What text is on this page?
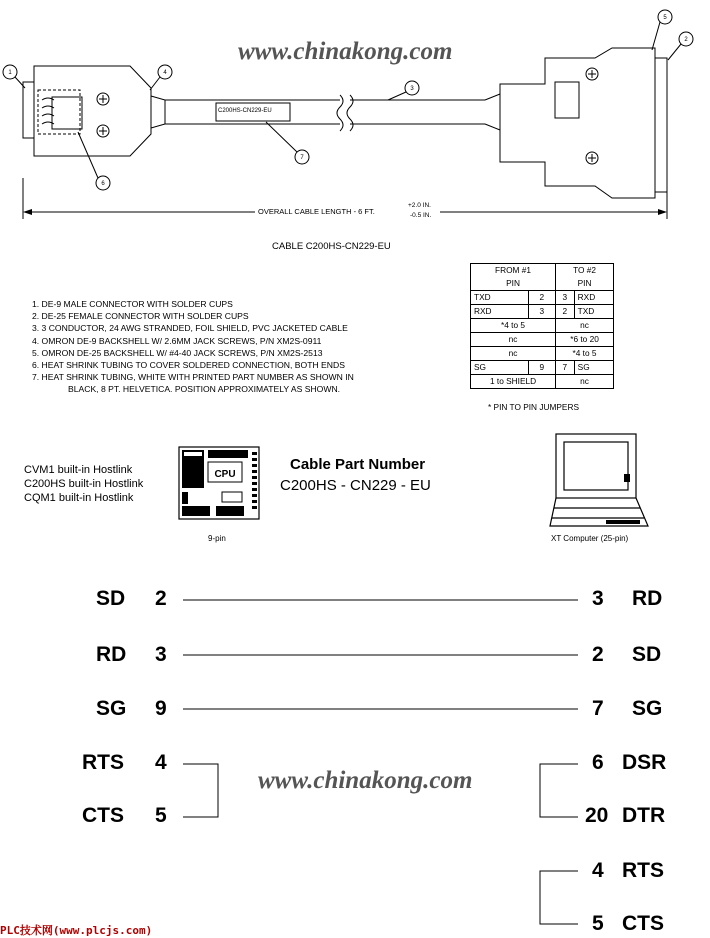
www.chinakong.com
1
2
3
4
5
6
7
C200HS-CN229-EU
OVERALL CABLE LENGTH - 6 FT.
+2.0 IN.
-0.5 IN.
CABLE C200HS-CN229-EU
1. DE-9 MALE CONNECTOR WITH SOLDER CUPS
2. DE-25 FEMALE CONNECTOR WITH SOLDER CUPS
3. 3 CONDUCTOR, 24 AWG STRANDED, FOIL SHIELD, PVC JACKETED CABLE
4. OMRON DE-9 BACKSHELL W/ 2.6MM JACK SCREWS, P/N XM2S-0911
5. OMRON DE-25 BACKSHELL W/ #4-40 JACK SCREWS, P/N XM2S-2513
6. HEAT SHRINK TUBING TO COVER SOLDERED CONNECTION, BOTH ENDS
7. HEAT SHRINK TUBING, WHITE WITH PRINTED PART NUMBER AS SHOWN IN
BLACK, 8 PT. HELVETICA. POSITION APPROXIMATELY AS SHOWN.
FROM #1		TO #2	
PIN		PIN	
TXD	2	3	RXD
RXD	3	2	TXD
*4 to 5		nc	
nc		*6 to 20	
nc		*4 to 5	
SG	9	7	SG
1 to SHIELD		nc	
* PIN TO PIN JUMPERS
CVM1 built-in Hostlink
C200HS built-in Hostlink
CQM1 built-in Hostlink
CPU
9-pin
Cable Part Number
C200HS - CN229 - EU
XT Computer (25-pin)
SD 2	3 RD
RD 3	2 SD
SG 9	7 SG
RTS 4
CTS 5
www.chinakong.com
6 DSR
20 DTR
4 RTS
5 CTS
PLC技术网(www.plcjs.com)
